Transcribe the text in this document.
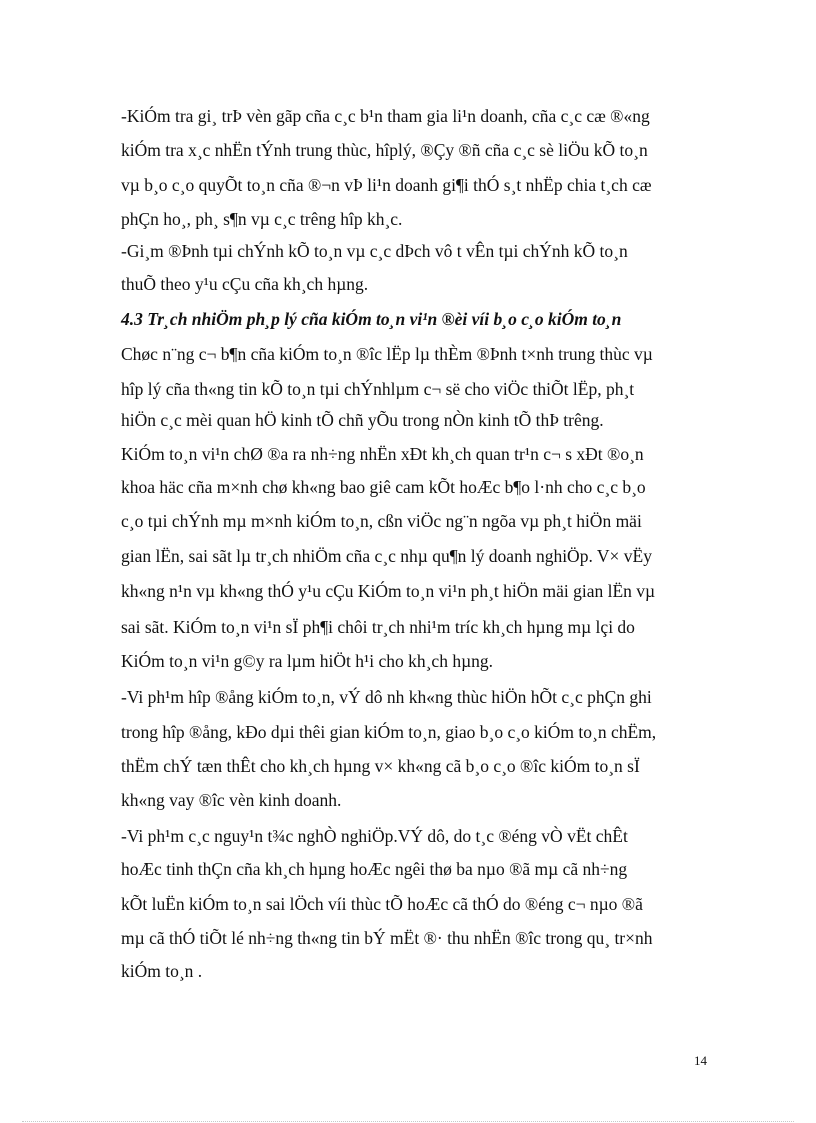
-KiÓm tra gi¸ trÞ vèn gãp cña c¸c b¹n tham gia li¹n doanh, cña c¸c cæ ®«ng
kiÓm tra x¸c nhËn tÝnh trung thùc, hîplý, ®Çy ®ñ cña c¸c sè liÖu kÕ to¸n
vµ b¸o c¸o quyÕt to¸n cña ®¬n vÞ li¹n doanh gi¶i thÓ s¸t nhËp chia t¸ch cæ
phÇn ho¸, ph¸ s¶n vµ c¸c trêng hîp kh¸c.
-Gi¸m ®Þnh tµi chÝnh kÕ to¸n vµ c¸c dÞch vô t vÊn tµi chÝnh kÕ to¸n
thuÕ theo y¹u cÇu cña kh¸ch hµng.
4.3 Tr¸ch nhiÖm ph¸p lý cña kiÓm to¸n vi¹n ®èi víi b¸o c¸o kiÓm to¸n
Chøc n¨ng c¬ b¶n cña kiÓm to¸n ®îc lËp lµ thÈm ®Þnh t×nh trung thùc vµ
hîp lý cña th«ng tin kÕ to¸n tµi chÝnhlµm c¬ së cho viÖc thiÕt lËp, ph¸t
hiÖn c¸c mèi quan hÖ kinh tÕ chñ yÕu trong nÒn kinh tÕ thÞ trêng.
KiÓm to¸n vi¹n chØ ®a ra nh÷ng nhËn xÐt kh¸ch quan tr¹n c¬ s xÐt ®o¸n
khoa häc cña m×nh chø kh«ng bao giê cam kÕt hoÆc b¶o l·nh cho c¸c b¸o
c¸o tµi chÝnh mµ m×nh kiÓm to¸n, cßn viÖc ng¨n ngõa vµ ph¸t hiÖn mäi
gian lËn, sai sãt lµ tr¸ch nhiÖm cña c¸c nhµ qu¶n lý doanh nghiÖp. V× vËy
kh«ng n¹n vµ kh«ng thÓ y¹u cÇu KiÓm to¸n vi¹n ph¸t hiÖn mäi gian lËn vµ
sai sãt. KiÓm to¸n vi¹n sÏ ph¶i chôi tr¸ch nhi¹m tríc kh¸ch hµng mµ lçi do
KiÓm to¸n vi¹n g©y ra lµm hiÖt h¹i cho kh¸ch hµng.
-Vi ph¹m hîp ®ång kiÓm to¸n, vÝ dô nh kh«ng thùc hiÖn hÕt c¸c phÇn ghi
trong hîp ®ång, kÐo dµi thêi gian kiÓm to¸n, giao b¸o c¸o kiÓm to¸n chËm,
thËm chÝ tæn thÊt cho kh¸ch hµng v× kh«ng cã b¸o c¸o ®îc kiÓm to¸n sÏ
kh«ng vay ®îc vèn kinh doanh.
-Vi ph¹m c¸c nguy¹n t¾c nghÒ nghiÖp.VÝ dô, do t¸c ®éng vÒ vËt chÊt
hoÆc tinh thÇn cña kh¸ch hµng hoÆc ngêi thø ba nµo ®ã mµ cã nh÷ng
kÕt luËn kiÓm to¸n sai lÖch víi thùc tÕ hoÆc cã thÓ do ®éng c¬ nµo ®ã
mµ cã thÓ tiÕt lé nh÷ng th«ng tin bÝ mËt ®· thu nhËn ®îc trong qu¸ tr×nh
kiÓm to¸n .
14
